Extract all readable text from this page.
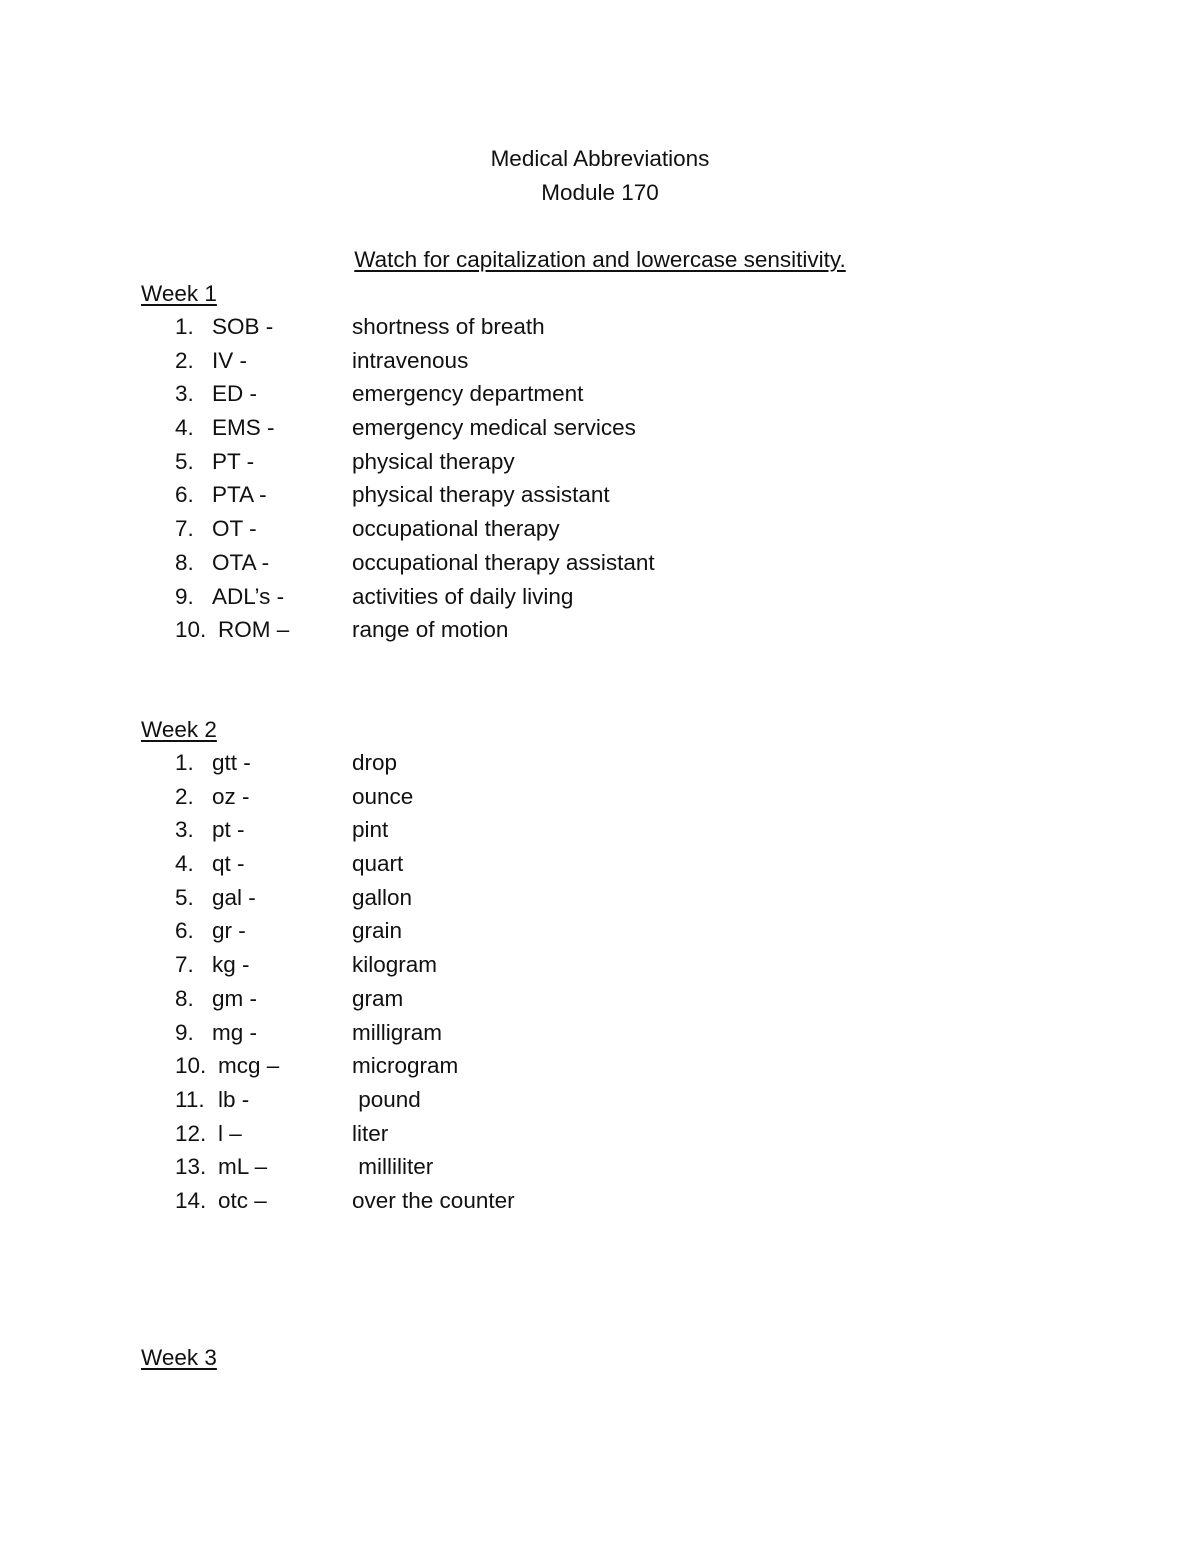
Medical Abbreviations
Module 170
Watch for capitalization and lowercase sensitivity.
Week 1
1. SOB -	shortness of breath
2. IV -	intravenous
3. ED -	emergency department
4. EMS -	emergency medical services
5. PT -	physical therapy
6. PTA -	physical therapy assistant
7. OT -	occupational therapy
8. OTA -	occupational therapy assistant
9. ADL’s -	activities of daily living
10. ROM –	range of motion
Week 2
1. gtt -	drop
2. oz -	ounce
3. pt -	pint
4. qt -	quart
5. gal -	gallon
6. gr -	grain
7. kg -	kilogram
8. gm -	gram
9. mg -	milligram
10. mcg –	microgram
11. lb -	pound
12. l –	liter
13. mL –	milliliter
14. otc –	over the counter
Week 3
